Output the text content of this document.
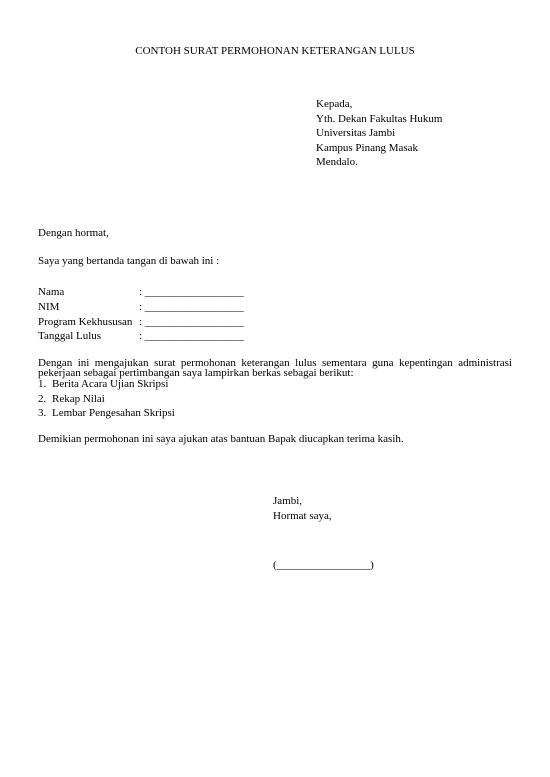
CONTOH SURAT PERMOHONAN KETERANGAN LULUS
Kepada,
Yth. Dekan Fakultas Hukum
Universitas Jambi
Kampus Pinang Masak
Mendalo.
Dengan hormat,
Saya yang bertanda tangan di bawah ini :
Nama	: __________________
NIM	: __________________
Program Kekhususan : __________________
Tanggal Lulus	: __________________
Dengan ini mengajukan surat permohonan keterangan lulus sementara guna kepentingan administrasi
pekerjaan sebagai pertimbangan saya lampirkan berkas sebagai berikut:
1. Berita Acara Ujian Skripsi
2. Rekap Nilai
3. Lembar Pengesahan Skripsi
Demikian permohonan ini saya ajukan atas bantuan Bapak diucapkan terima kasih.
Jambi,
Hormat saya,
(_________________)
